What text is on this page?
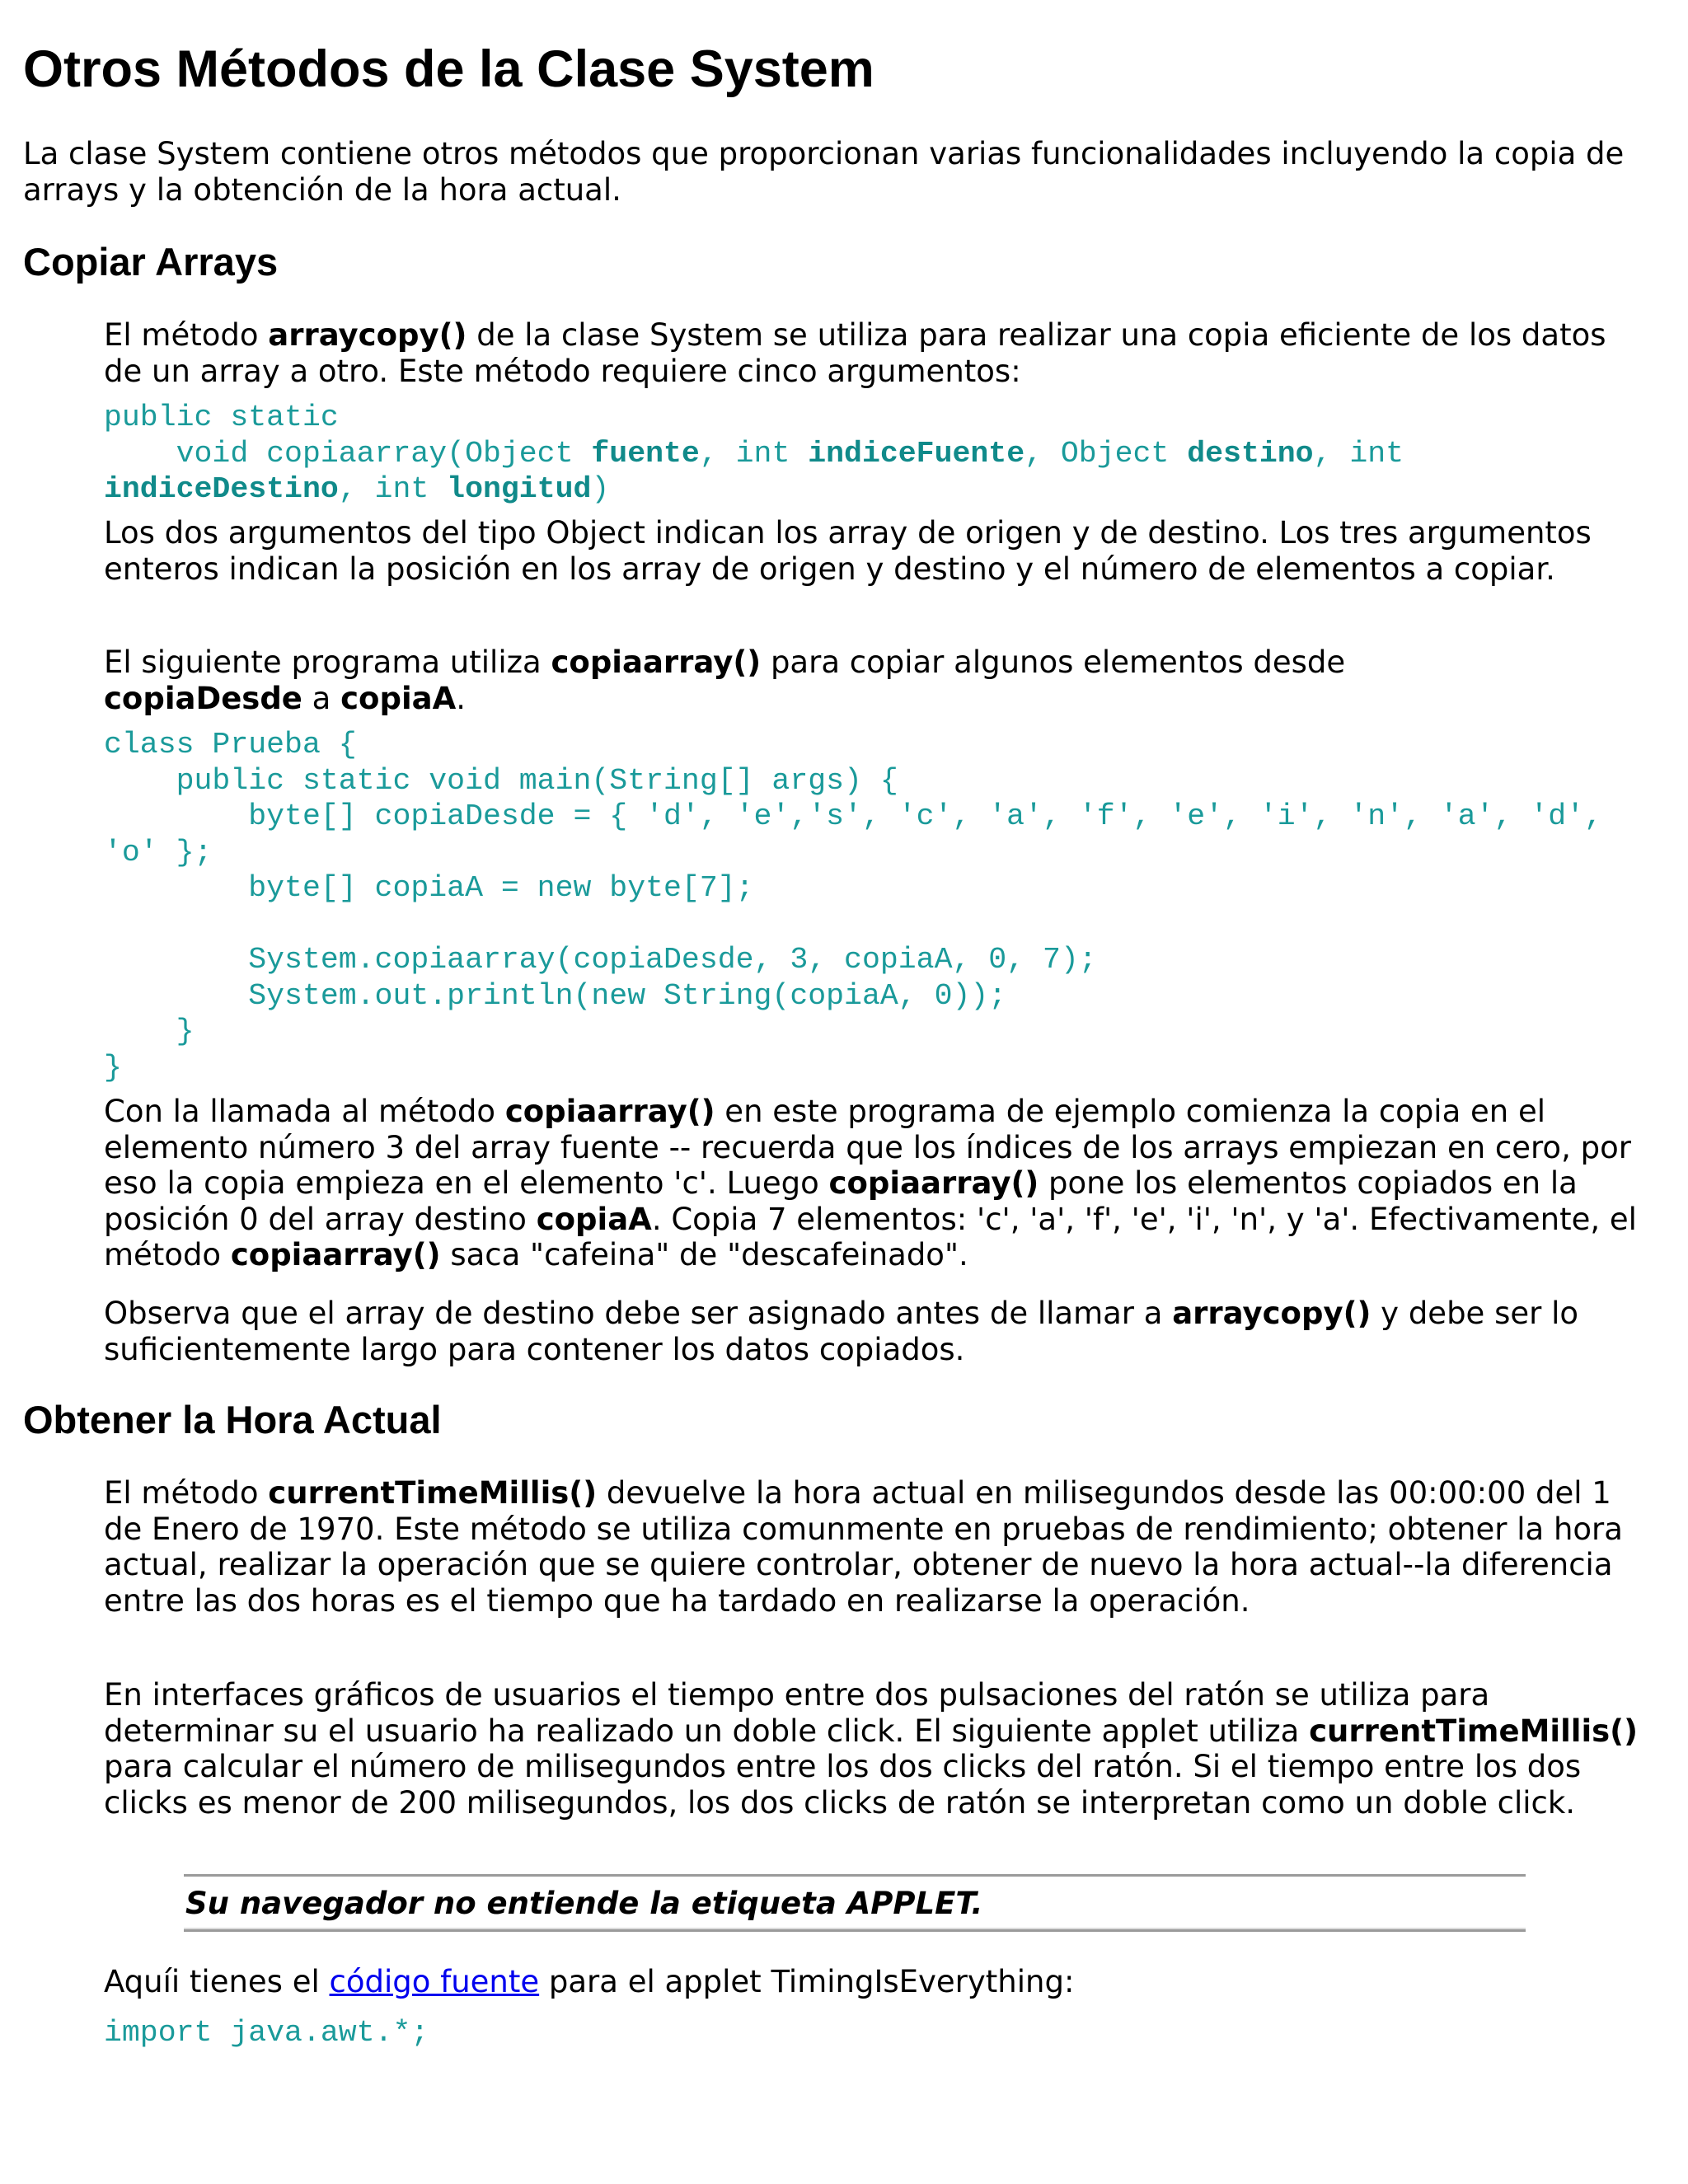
Otros Métodos de la Clase System

La clase System contiene otros métodos que proporcionan varias funcionalidades incluyendo la copia de arrays y la obtención de la hora actual.

Copiar Arrays

El método arraycopy() de la clase System se utiliza para realizar una copia eficiente de los datos de un array a otro. Este método requiere cinco argumentos:

public static
void copiaarray(Object fuente, int indiceFuente, Object destino, int
indiceDestino, int longitud)

Los dos argumentos del tipo Object indican los array de origen y de destino. Los tres argumentos enteros indican la posición en los array de origen y destino y el número de elementos a copiar.

El siguiente programa utiliza copiaarray() para copiar algunos elementos desde copiaDesde a copiaA.

class Prueba {
public static void main(String[] args) {
byte[] copiaDesde = { 'd', 'e','s', 'c', 'a', 'f', 'e', 'i', 'n', 'a', 'd',
'o' };
byte[] copiaA = new byte[7];

System.copiaarray(copiaDesde, 3, copiaA, 0, 7);
System.out.println(new String(copiaA, 0));
}
}

Con la llamada al método copiaarray() en este programa de ejemplo comienza la copia en el elemento número 3 del array fuente -- recuerda que los índices de los arrays empiezan en cero, por eso la copia empieza en el elemento 'c'. Luego copiaarray() pone los elementos copiados en la posición 0 del array destino copiaA. Copia 7 elementos: 'c', 'a', 'f', 'e', 'i', 'n', y 'a'. Efectivamente, el método copiaarray() saca "cafeina" de "descafeinado".

Observa que el array de destino debe ser asignado antes de llamar a arraycopy() y debe ser lo suficientemente largo para contener los datos copiados.

Obtener la Hora Actual

El método currentTimeMillis() devuelve la hora actual en milisegundos desde las 00:00:00 del 1 de Enero de 1970. Este método se utiliza comunmente en pruebas de rendimiento; obtener la hora actual, realizar la operación que se quiere controlar, obtener de nuevo la hora actual--la diferencia entre las dos horas es el tiempo que ha tardado en realizarse la operación.

En interfaces gráficos de usuarios el tiempo entre dos pulsaciones del ratón se utiliza para determinar su el usuario ha realizado un doble click. El siguiente applet utiliza currentTimeMillis() para calcular el número de milisegundos entre los dos clicks del ratón. Si el tiempo entre los dos clicks es menor de 200 milisegundos, los dos clicks de ratón se interpretan como un doble click.

Su navegador no entiende la etiqueta APPLET.

Aquíi tienes el código fuente para el applet TimingIsEverything:

import java.awt.*;
